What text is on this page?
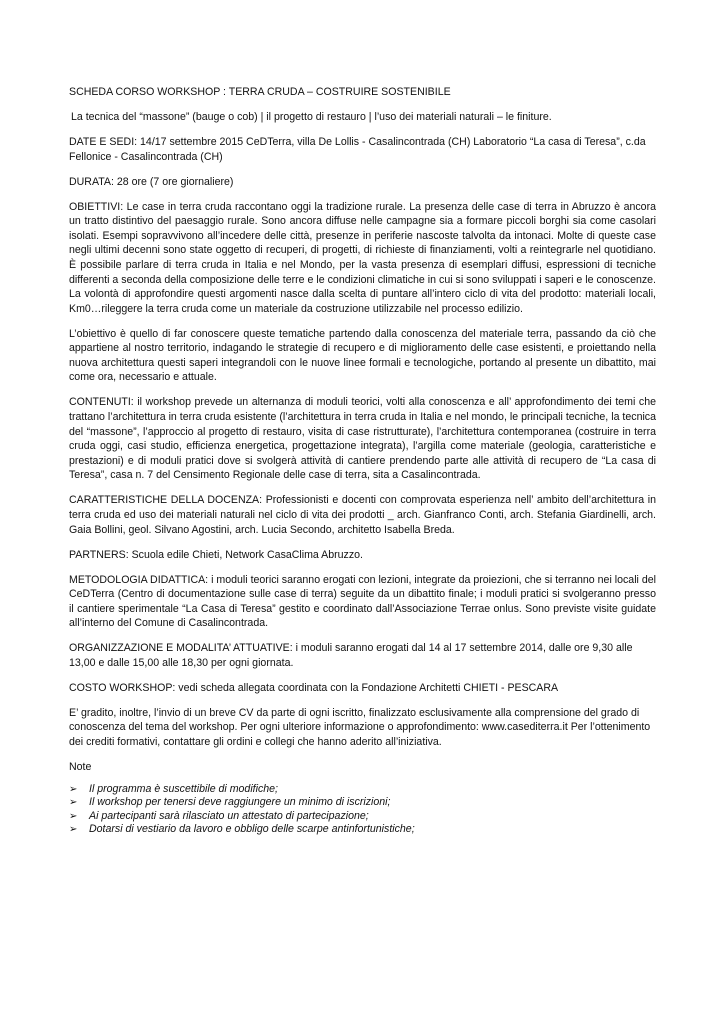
SCHEDA CORSO WORKSHOP : TERRA CRUDA – COSTRUIRE SOSTENIBILE

La tecnica del “massone” (bauge o cob) | il progetto di restauro | l’uso dei materiali naturali – le finiture.

DATE E SEDI: 14/17 settembre 2015 CeDTerra, villa De Lollis - Casalincontrada (CH) Laboratorio “La casa di Teresa”, c.da Fellonice - Casalincontrada (CH)

DURATA: 28 ore (7 ore giornaliere)

OBIETTIVI: Le case in terra cruda raccontano oggi la tradizione rurale. La presenza delle case di terra in Abruzzo è ancora un tratto distintivo del paesaggio rurale. Sono ancora diffuse nelle campagne sia a formare piccoli borghi sia come casolari isolati. Esempi sopravvivono all’incedere delle città, presenze in periferie nascoste talvolta da intonaci. Molte di queste case negli ultimi decenni sono state oggetto di recuperi, di progetti, di richieste di finanziamenti, volti a reintegrarle nel quotidiano. È possibile parlare di terra cruda in Italia e nel Mondo, per la vasta presenza di esemplari diffusi, espressioni di tecniche differenti a seconda della composizione delle terre e le condizioni climatiche in cui si sono sviluppati i saperi e le conoscenze. La volontà di approfondire questi argomenti nasce dalla scelta di puntare all’intero ciclo di vita del prodotto: materiali locali, Km0…rileggere la terra cruda come un materiale da costruzione utilizzabile nel processo edilizio.

L’obiettivo è quello di far conoscere queste tematiche partendo dalla conoscenza del materiale terra, passando da ciò che appartiene al nostro territorio, indagando le strategie di recupero e di miglioramento delle case esistenti, e proiettando nella nuova architettura questi saperi integrandoli con le nuove linee formali e tecnologiche, portando al presente un dibattito, mai come ora, necessario e attuale.

CONTENUTI: il workshop prevede un alternanza di moduli teorici, volti alla conoscenza e all’ approfondimento dei temi che trattano l’architettura in terra cruda esistente (l’architettura in terra cruda in Italia e nel mondo, le principali tecniche, la tecnica del “massone”, l’approccio al progetto di restauro, visita di case ristrutturate), l’architettura contemporanea (costruire in terra cruda oggi, casi studio, efficienza energetica, progettazione integrata), l’argilla come materiale (geologia, caratteristiche e prestazioni) e di moduli pratici dove si svolgerà attività di cantiere prendendo parte alle attività di recupero de “La casa di Teresa”, casa n. 7 del Censimento Regionale delle case di terra, sita a Casalincontrada.

CARATTERISTICHE DELLA DOCENZA: Professionisti e docenti con comprovata esperienza nell’ ambito dell’architettura in terra cruda ed uso dei materiali naturali nel ciclo di vita dei prodotti _ arch. Gianfranco Conti, arch. Stefania Giardinelli, arch. Gaia Bollini, geol. Silvano Agostini, arch. Lucia Secondo, architetto Isabella Breda.

PARTNERS: Scuola edile Chieti, Network CasaClima Abruzzo.

METODOLOGIA DIDATTICA: i moduli teorici saranno erogati con lezioni, integrate da proiezioni, che si terranno nei locali del CeDTerra (Centro di documentazione sulle case di terra) seguite da un dibattito finale; i moduli pratici si svolgeranno presso il cantiere sperimentale “La Casa di Teresa” gestito e coordinato dall’Associazione Terrae onlus. Sono previste visite guidate all’interno del Comune di Casalincontrada.

ORGANIZZAZIONE E MODALITA’ ATTUATIVE: i moduli saranno erogati dal 14 al 17 settembre 2014, dalle ore 9,30 alle 13,00 e dalle 15,00 alle 18,30 per ogni giornata.

COSTO WORKSHOP: vedi scheda allegata coordinata con la Fondazione Architetti CHIETI - PESCARA

E’ gradito, inoltre, l’invio di un breve CV da parte di ogni iscritto, finalizzato esclusivamente alla comprensione del grado di conoscenza del tema del workshop. Per ogni ulteriore informazione o approfondimento: www.casediterra.it Per l’ottenimento dei crediti formativi, contattare gli ordini e collegi che hanno aderito all’iniziativa.

Note

➢ Il programma è suscettibile di modifiche;
➢ Il workshop per tenersi deve raggiungere un minimo di iscrizioni;
➢ Ai partecipanti sarà rilasciato un attestato di partecipazione;
➢ Dotarsi di vestiario da lavoro e obbligo delle scarpe antinfortunistiche;
